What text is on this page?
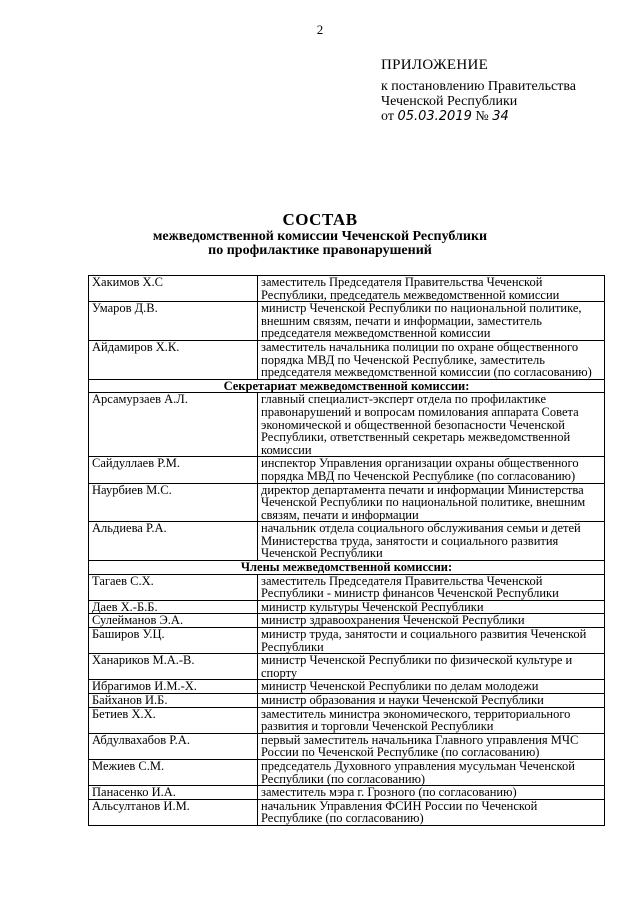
2
ПРИЛОЖЕНИЕ
к постановлению Правительства
Чеченской Республики
от 05.03.2019 № 34
СОСТАВ
межведомственной комиссии Чеченской Республики
по профилактике правонарушений
Хакимов Х.С	заместитель Председателя Правительства Чеченской Республики, председатель межведомственной комиссии
Умаров Д.В.	министр Чеченской Республики по национальной политике, внешним связям, печати и информации, заместитель председателя межведомственной комиссии
Айдамиров Х.К.	заместитель начальника полиции по охране общественного порядка МВД по Чеченской Республике, заместитель председателя межведомственной комиссии (по согласованию)
Секретариат межведомственной комиссии:	
Арсамурзаев А.Л.	главный специалист-эксперт отдела по профилактике правонарушений и вопросам помилования аппарата Совета экономической и общественной безопасности Чеченской Республики, ответственный секретарь межведомственной комиссии
Сайдуллаев Р.М.	инспектор Управления организации охраны общественного порядка МВД по Чеченской Республике (по согласованию)
Наурбиев М.С.	директор департамента печати и информации Министерства Чеченской Республики по национальной политике, внешним связям, печати и информации
Альдиева Р.А.	начальник отдела социального обслуживания семьи и детей Министерства труда, занятости и социального развития Чеченской Республики
Члены межведомственной комиссии:	
Тагаев С.Х.	заместитель Председателя Правительства Чеченской Республики - министр финансов Чеченской Республики
Даев Х.-Б.Б.	министр культуры Чеченской Республики
Сулейманов Э.А.	министр здравоохранения Чеченской Республики
Баширов У.Ц.	министр труда, занятости и социального развития Чеченской Республики
Ханариков М.А.-В.	министр Чеченской Республики по физической культуре и спорту
Ибрагимов И.М.-Х.	министр Чеченской Республики по делам молодежи
Байханов И.Б.	министр образования и науки Чеченской Республики
Бетиев Х.Х.	заместитель министра экономического, территориального развития и торговли Чеченской Республики
Абдулвахабов Р.А.	первый заместитель начальника Главного управления МЧС России по Чеченской Республике (по согласованию)
Межиев С.М.	председатель Духовного управления мусульман Чеченской Республики (по согласованию)
Панасенко И.А.	заместитель мэра г. Грозного (по согласованию)
Альсултанов И.М.	начальник Управления ФСИН России по Чеченской Республике (по согласованию)
